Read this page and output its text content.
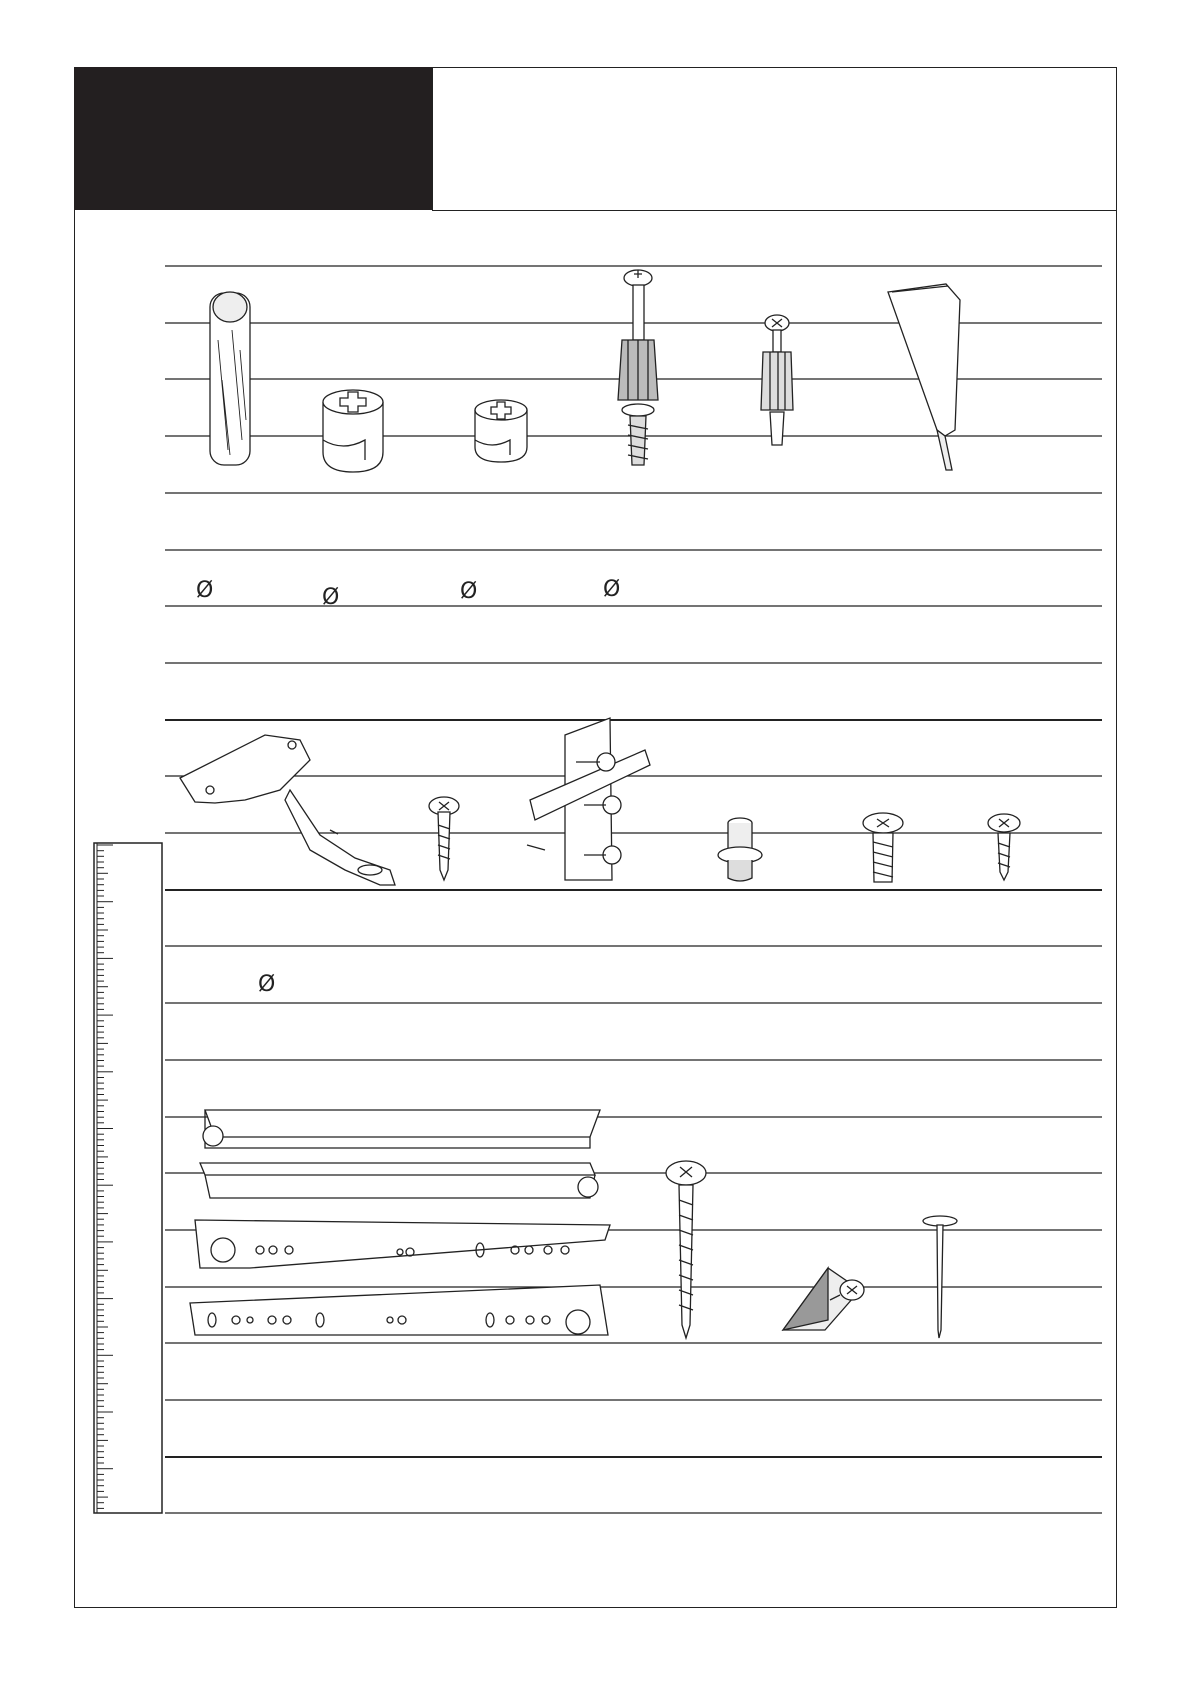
Ø	Ø	Ø	Ø
Ø
